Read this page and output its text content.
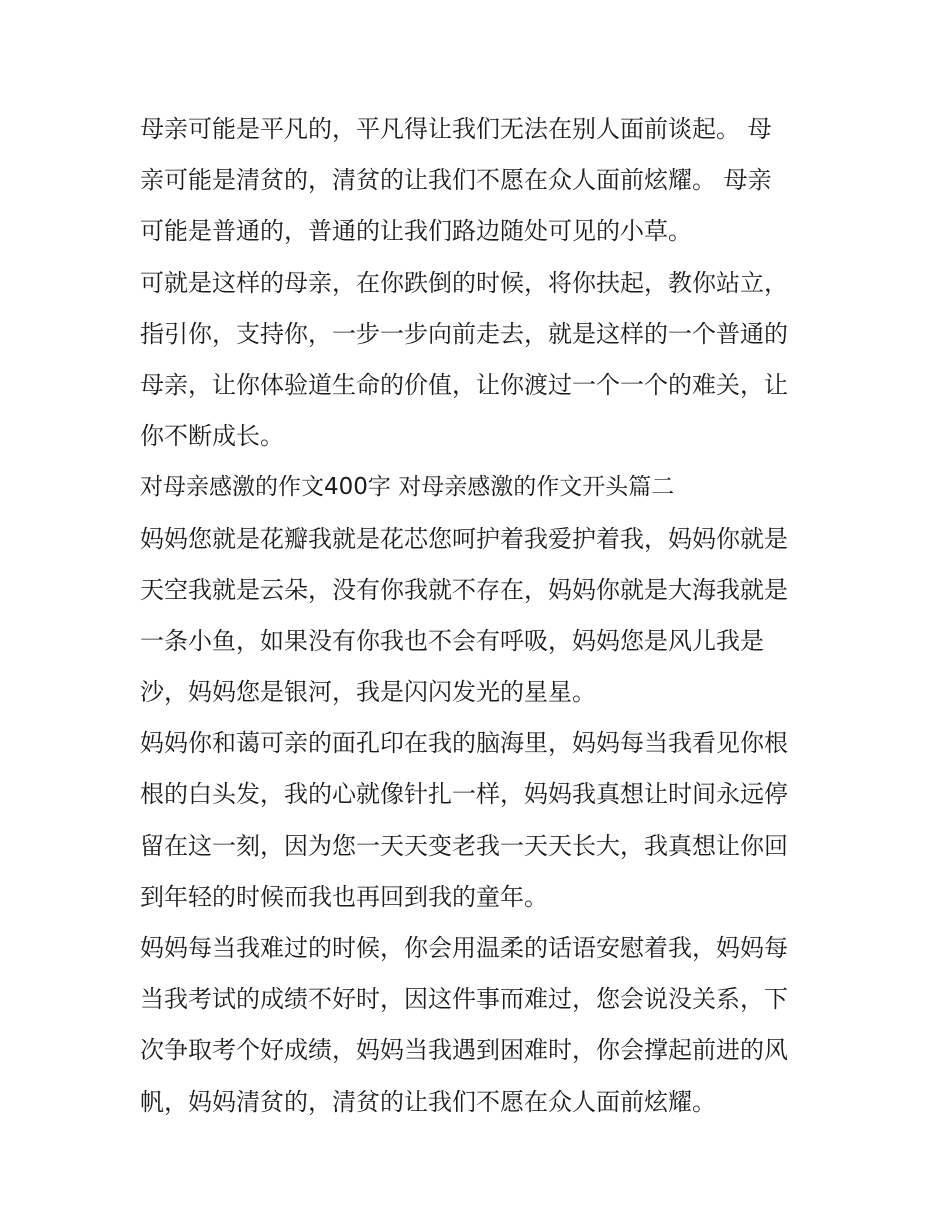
母亲可能是平凡的，平凡得让我们无法在别人面前谈起。 母
亲可能是清贫的，清贫的让我们不愿在众人面前炫耀。 母亲
可能是普通的，普通的让我们路边随处可见的小草。
可就是这样的母亲，在你跌倒的时候，将你扶起，教你站立，
指引你，支持你，一步一步向前走去，就是这样的一个普通的
母亲，让你体验道生命的价值，让你渡过一个一个的难关，让
你不断成长。
对母亲感激的作文400字 对母亲感激的作文开头篇二
妈妈您就是花瓣我就是花芯您呵护着我爱护着我，妈妈你就是
天空我就是云朵，没有你我就不存在，妈妈你就是大海我就是
一条小鱼，如果没有你我也不会有呼吸，妈妈您是风儿我是
沙，妈妈您是银河，我是闪闪发光的星星。
妈妈你和蔼可亲的面孔印在我的脑海里，妈妈每当我看见你根
根的白头发，我的心就像针扎一样，妈妈我真想让时间永远停
留在这一刻，因为您一天天变老我一天天长大，我真想让你回
到年轻的时候而我也再回到我的童年。
妈妈每当我难过的时候，你会用温柔的话语安慰着我，妈妈每
当我考试的成绩不好时，因这件事而难过，您会说没关系，下
次争取考个好成绩，妈妈当我遇到困难时，你会撑起前进的风
帆，妈妈清贫的，清贫的让我们不愿在众人面前炫耀。
